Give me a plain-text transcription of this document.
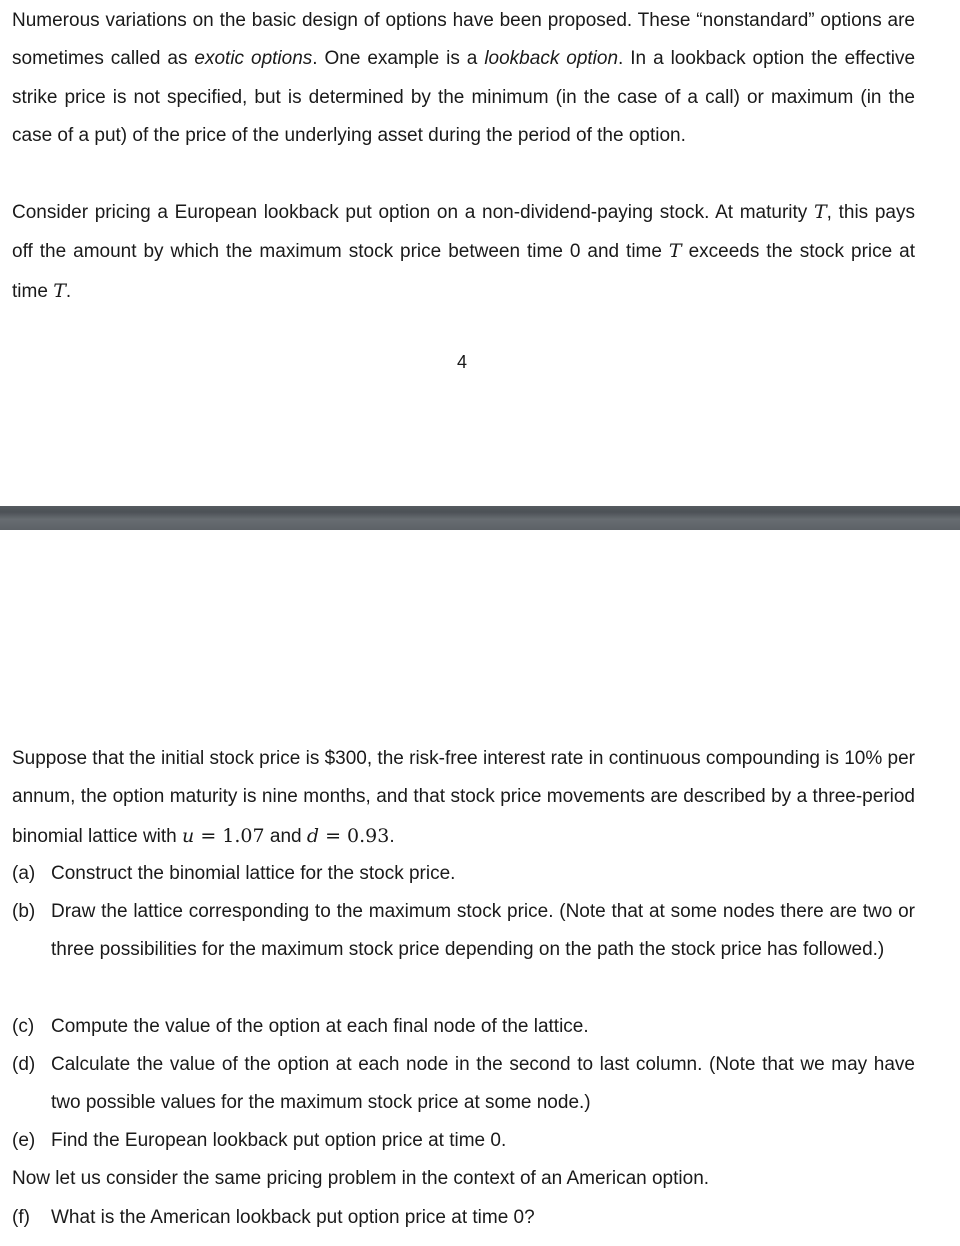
Numerous variations on the basic design of options have been proposed. These “nonstandard” options are sometimes called as exotic options. One example is a lookback option. In a lookback option the effective strike price is not specified, but is determined by the minimum (in the case of a call) or maximum (in the case of a put) of the price of the underlying asset during the period of the option.

Consider pricing a European lookback put option on a non-dividend-paying stock. At maturity T, this pays off the amount by which the maximum stock price between time 0 and time T exceeds the stock price at time T.

4

Suppose that the initial stock price is $300, the risk-free interest rate in continuous compounding is 10% per annum, the option maturity is nine months, and that stock price movements are described by a three-period binomial lattice with u = 1.07 and d = 0.93.

(a) Construct the binomial lattice for the stock price.
(b) Draw the lattice corresponding to the maximum stock price. (Note that at some nodes there are two or three possibilities for the maximum stock price depending on the path the stock price has followed.)
(c) Compute the value of the option at each final node of the lattice.
(d) Calculate the value of the option at each node in the second to last column. (Note that we may have two possible values for the maximum stock price at some node.)
(e) Find the European lookback put option price at time 0.

Now let us consider the same pricing problem in the context of an American option.

(f) What is the American lookback put option price at time 0?
